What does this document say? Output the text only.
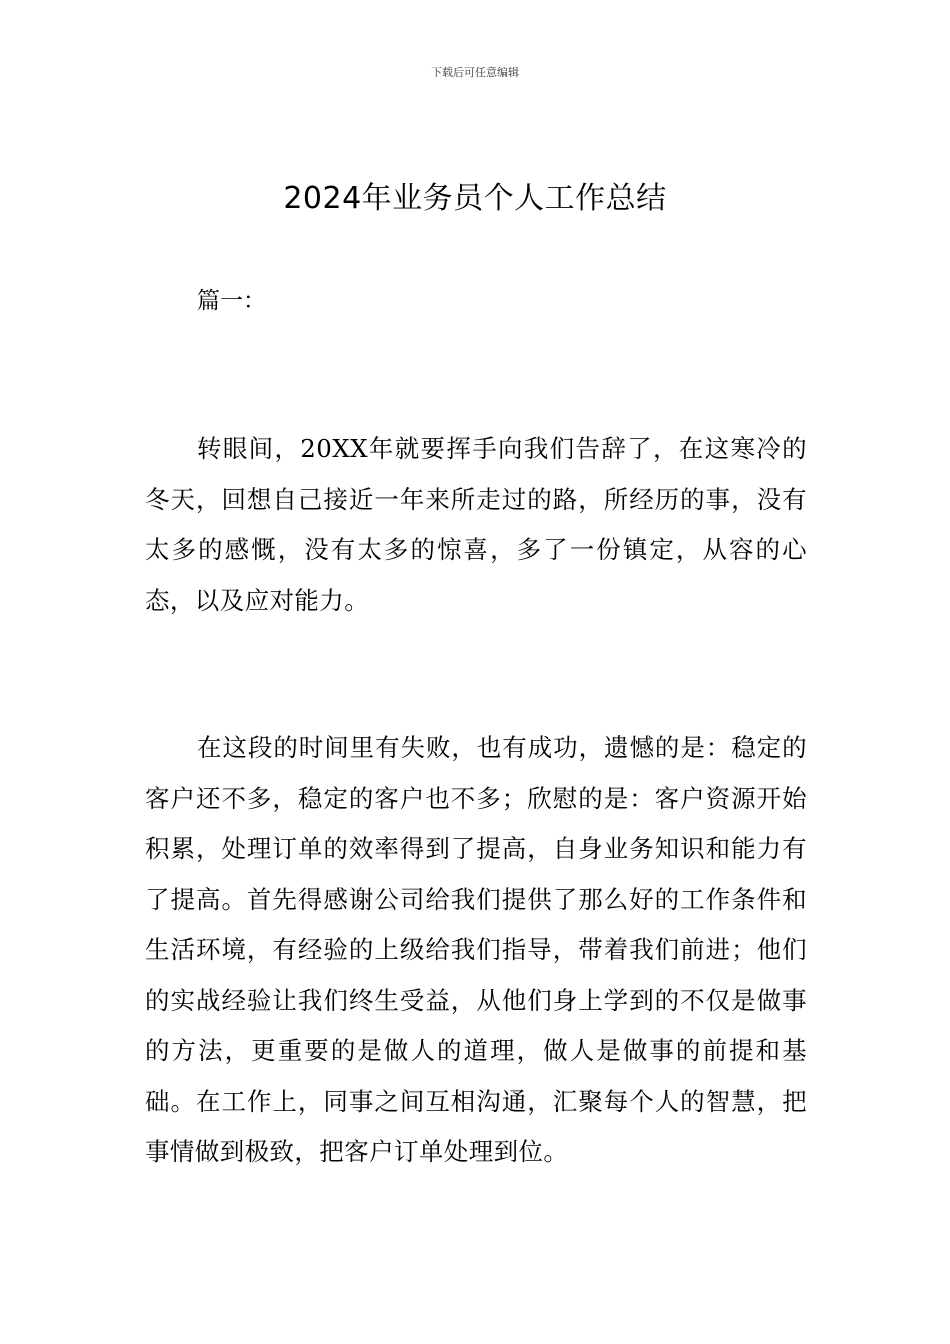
下载后可任意编辑
2024年业务员个人工作总结
篇一：

转眼间，20XX年就要挥手向我们告辞了，在这寒冷的冬天，回想自己接近一年来所走过的路，所经历的事，没有太多的感慨，没有太多的惊喜，多了一份镇定，从容的心态，以及应对能力。

在这段的时间里有失败，也有成功，遗憾的是：稳定的客户还不多，稳定的客户也不多；欣慰的是：客户资源开始积累，处理订单的效率得到了提高，自身业务知识和能力有了提高。首先得感谢公司给我们提供了那么好的工作条件和生活环境，有经验的上级给我们指导，带着我们前进；他们的实战经验让我们终生受益，从他们身上学到的不仅是做事的方法，更重要的是做人的道理，做人是做事的前提和基础。在工作上，同事之间互相沟通，汇聚每个人的智慧，把事情做到极致，把客户订单处理到位。
